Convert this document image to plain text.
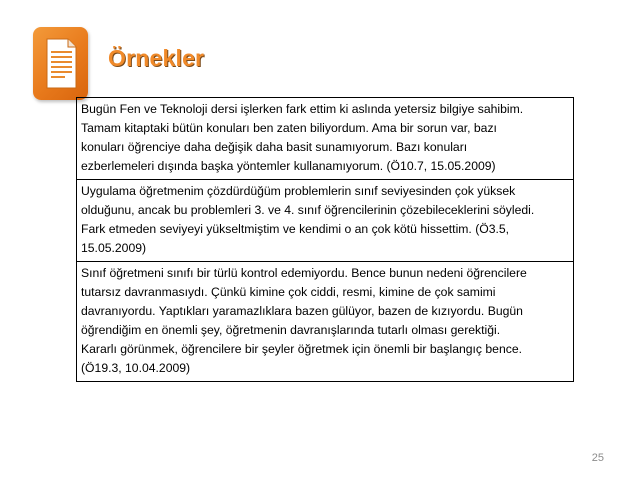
Örnekler
Bugün Fen ve Teknoloji dersi işlerken fark ettim ki aslında yetersiz bilgiye sahibim.
Tamam kitaptaki bütün konuları ben zaten biliyordum. Ama bir sorun var, bazı
konuları öğrenciye daha değişik daha basit sunamıyorum. Bazı konuları
ezberlemeleri dışında başka yöntemler kullanamıyorum. (Ö10.7, 15.05.2009)
Uygulama öğretmenim çözdürdüğüm problemlerin sınıf seviyesinden çok yüksek
olduğunu, ancak bu problemleri 3. ve 4. sınıf öğrencilerinin çözebileceklerini söyledi.
Fark etmeden seviyeyi yükseltmiştim ve kendimi o an çok kötü hissettim. (Ö3.5,
15.05.2009)
Sınıf öğretmeni sınıfı bir türlü kontrol edemiyordu. Bence bunun nedeni öğrencilere
tutarsız davranmasıydı. Çünkü kimine çok ciddi, resmi, kimine de çok samimi
davranıyordu. Yaptıkları yaramazlıklara bazen gülüyor, bazen de kızıyordu. Bugün
öğrendiğim en önemli şey, öğretmenin davranışlarında tutarlı olması gerektiği.
Kararlı görünmek, öğrencilere bir şeyler öğretmek için önemli bir başlangıç bence.
(Ö19.3, 10.04.2009)
25
